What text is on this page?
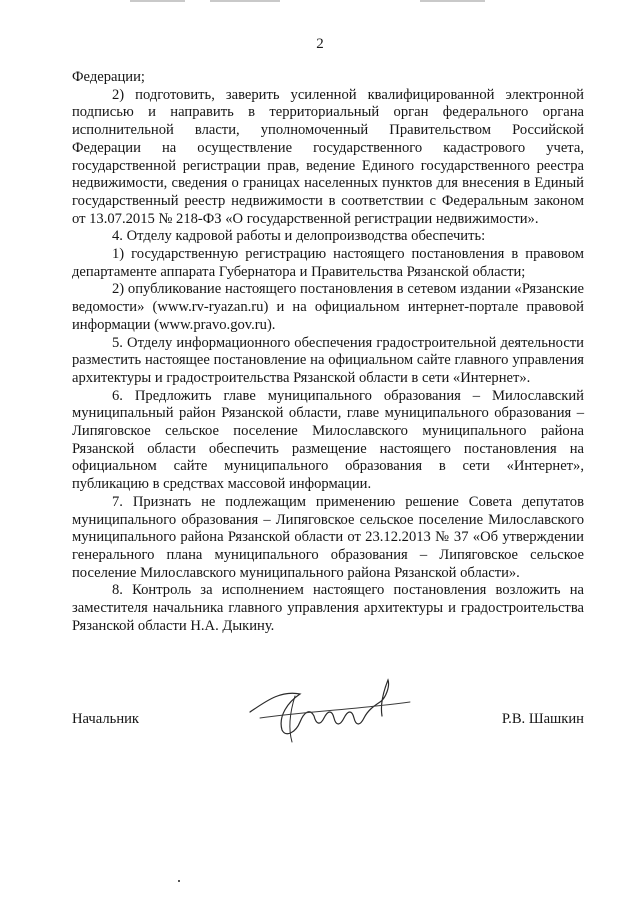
2

Федерации;

2) подготовить, заверить усиленной квалифицированной электронной подписью и направить в территориальный орган федерального органа исполнительной власти, уполномоченный Правительством Российской Федерации на осуществление государственного кадастрового учета, государственной регистрации прав, ведение Единого государственного реестра недвижимости, сведения о границах населенных пунктов для внесения в Единый государственный реестр недвижимости в соответствии с Федеральным законом от 13.07.2015 № 218-ФЗ «О государственной регистрации недвижимости».

4. Отделу кадровой работы и делопроизводства обеспечить:

1) государственную регистрацию настоящего постановления в правовом департаменте аппарата Губернатора и Правительства Рязанской области;

2) опубликование настоящего постановления в сетевом издании «Рязанские ведомости» (www.rv-ryazan.ru) и на официальном интернет-портале правовой информации (www.pravo.gov.ru).

5. Отделу информационного обеспечения градостроительной деятельности разместить настоящее постановление на официальном сайте главного управления архитектуры и градостроительства Рязанской области в сети «Интернет».

6. Предложить главе муниципального образования – Милославский муниципальный район Рязанской области, главе муниципального образования – Липяговское сельское поселение Милославского муниципального района Рязанской области обеспечить размещение настоящего постановления на официальном сайте муниципального образования в сети «Интернет», публикацию в средствах массовой информации.

7. Признать не подлежащим применению решение Совета депутатов муниципального образования – Липяговское сельское поселение Милославского муниципального района Рязанской области от 23.12.2013 № 37 «Об утверждении генерального плана муниципального образования – Липяговское сельское поселение Милославского муниципального района Рязанской области».

8. Контроль за исполнением настоящего постановления возложить на заместителя начальника главного управления архитектуры и градостроительства Рязанской области Н.А. Дыкину.

Начальник	Р.В. Шашкин
